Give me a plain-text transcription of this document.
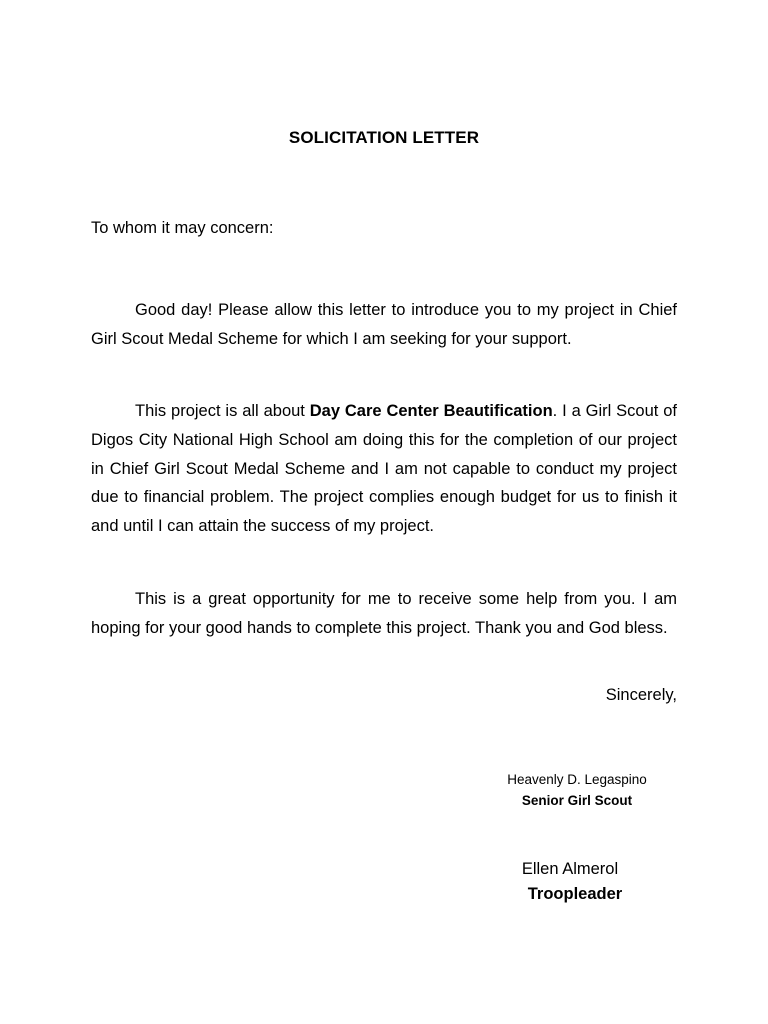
SOLICITATION LETTER
To whom it may concern:

Good day! Please allow this letter to introduce you to my project in Chief Girl Scout Medal Scheme for which I am seeking for your support.

This project is all about Day Care Center Beautification. I a Girl Scout of Digos City National High School am doing this for the completion of our project in Chief Girl Scout Medal Scheme and I am not capable to conduct my project due to financial problem. The project complies enough budget for us to finish it and until I can attain the success of my project.

This is a great opportunity for me to receive some help from you. I am hoping for your good hands to complete this project. Thank you and God bless.

Sincerely,
Heavenly D. Legaspino
Senior Girl Scout
Ellen Almerol
Troopleader
